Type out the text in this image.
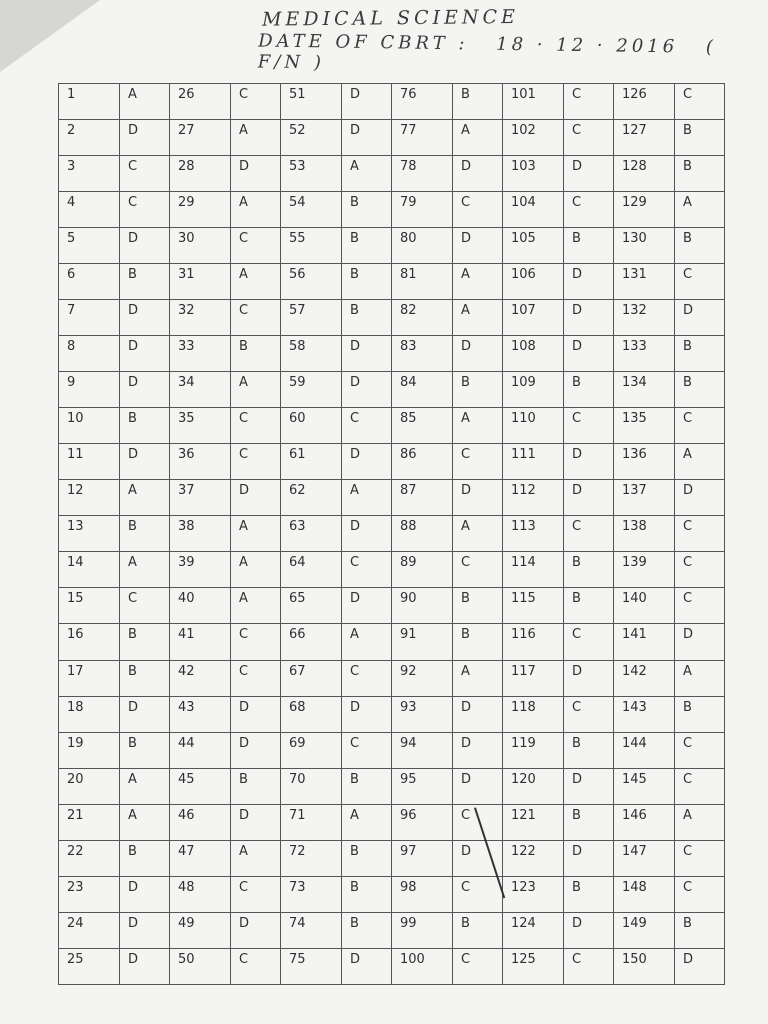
MEDICAL SCIENCE
DATE OF CBRT : 18 · 12 · 2016 ( F/N )
1	A	26	C	51	D	76	B	101	C	126	C
2	D	27	A	52	D	77	A	102	C	127	B
3	C	28	D	53	A	78	D	103	D	128	B
4	C	29	A	54	B	79	C	104	C	129	A
5	D	30	C	55	B	80	D	105	B	130	B
6	B	31	A	56	B	81	A	106	D	131	C
7	D	32	C	57	B	82	A	107	D	132	D
8	D	33	B	58	D	83	D	108	D	133	B
9	D	34	A	59	D	84	B	109	B	134	B
10	B	35	C	60	C	85	A	110	C	135	C
11	D	36	C	61	D	86	C	111	D	136	A
12	A	37	D	62	A	87	D	112	D	137	D
13	B	38	A	63	D	88	A	113	C	138	C
14	A	39	A	64	C	89	C	114	B	139	C
15	C	40	A	65	D	90	B	115	B	140	C
16	B	41	C	66	A	91	B	116	C	141	D
17	B	42	C	67	C	92	A	117	D	142	A
18	D	43	D	68	D	93	D	118	C	143	B
19	B	44	D	69	C	94	D	119	B	144	C
20	A	45	B	70	B	95	D	120	D	145	C
21	A	46	D	71	A	96	C	121	B	146	A
22	B	47	A	72	B	97	D	122	D	147	C
23	D	48	C	73	B	98	C	123	B	148	C
24	D	49	D	74	B	99	B	124	D	149	B
25	D	50	C	75	D	100	C	125	C	150	D
